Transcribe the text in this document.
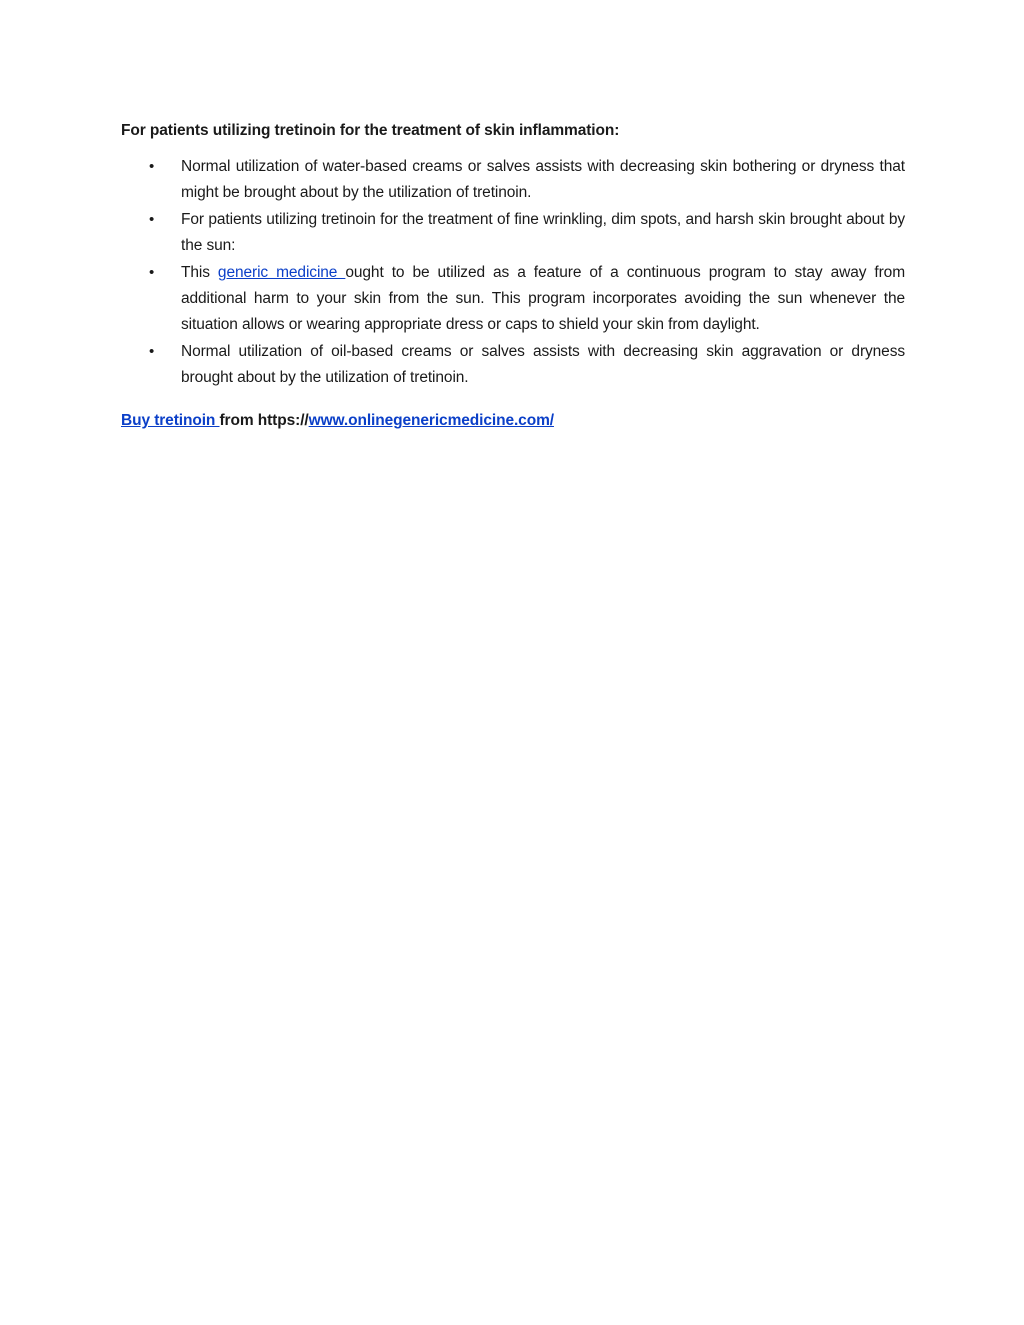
For patients utilizing tretinoin for the treatment of skin inflammation:

• Normal utilization of water-based creams or salves assists with decreasing skin bothering or dryness that might be brought about by the utilization of tretinoin.
• For patients utilizing tretinoin for the treatment of fine wrinkling, dim spots, and harsh skin brought about by the sun:
• This generic medicine ought to be utilized as a feature of a continuous program to stay away from additional harm to your skin from the sun. This program incorporates avoiding the sun whenever the situation allows or wearing appropriate dress or caps to shield your skin from daylight.
• Normal utilization of oil-based creams or salves assists with decreasing skin aggravation or dryness brought about by the utilization of tretinoin.

Buy tretinoin from https://www.onlinegenericmedicine.com/
